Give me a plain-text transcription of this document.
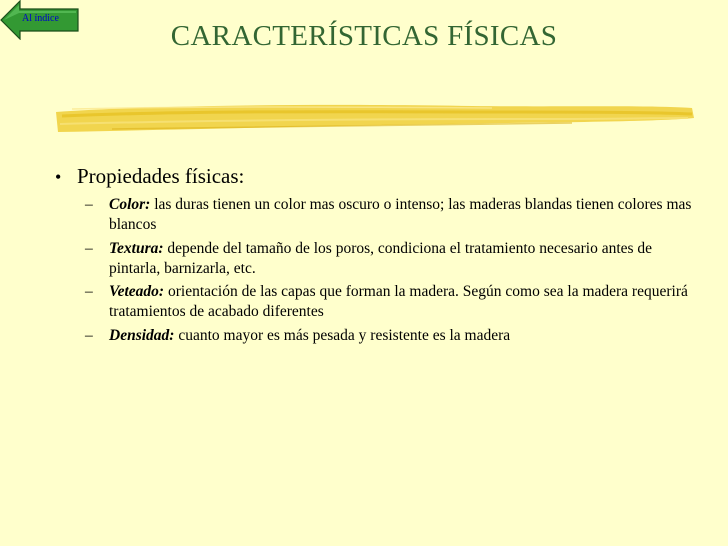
Al índice
CARACTERÍSTICAS FÍSICAS
• Propiedades físicas:
–	Color: las duras tienen un color mas oscuro o intenso; las maderas blandas tienen colores mas blancos
–	Textura: depende del tamaño de los poros, condiciona el tratamiento necesario antes de pintarla, barnizarla, etc.
–	Veteado: orientación de las capas que forman la madera. Según como sea la madera requerirá tratamientos de acabado diferentes
–	Densidad: cuanto mayor es más pesada y resistente es la madera
